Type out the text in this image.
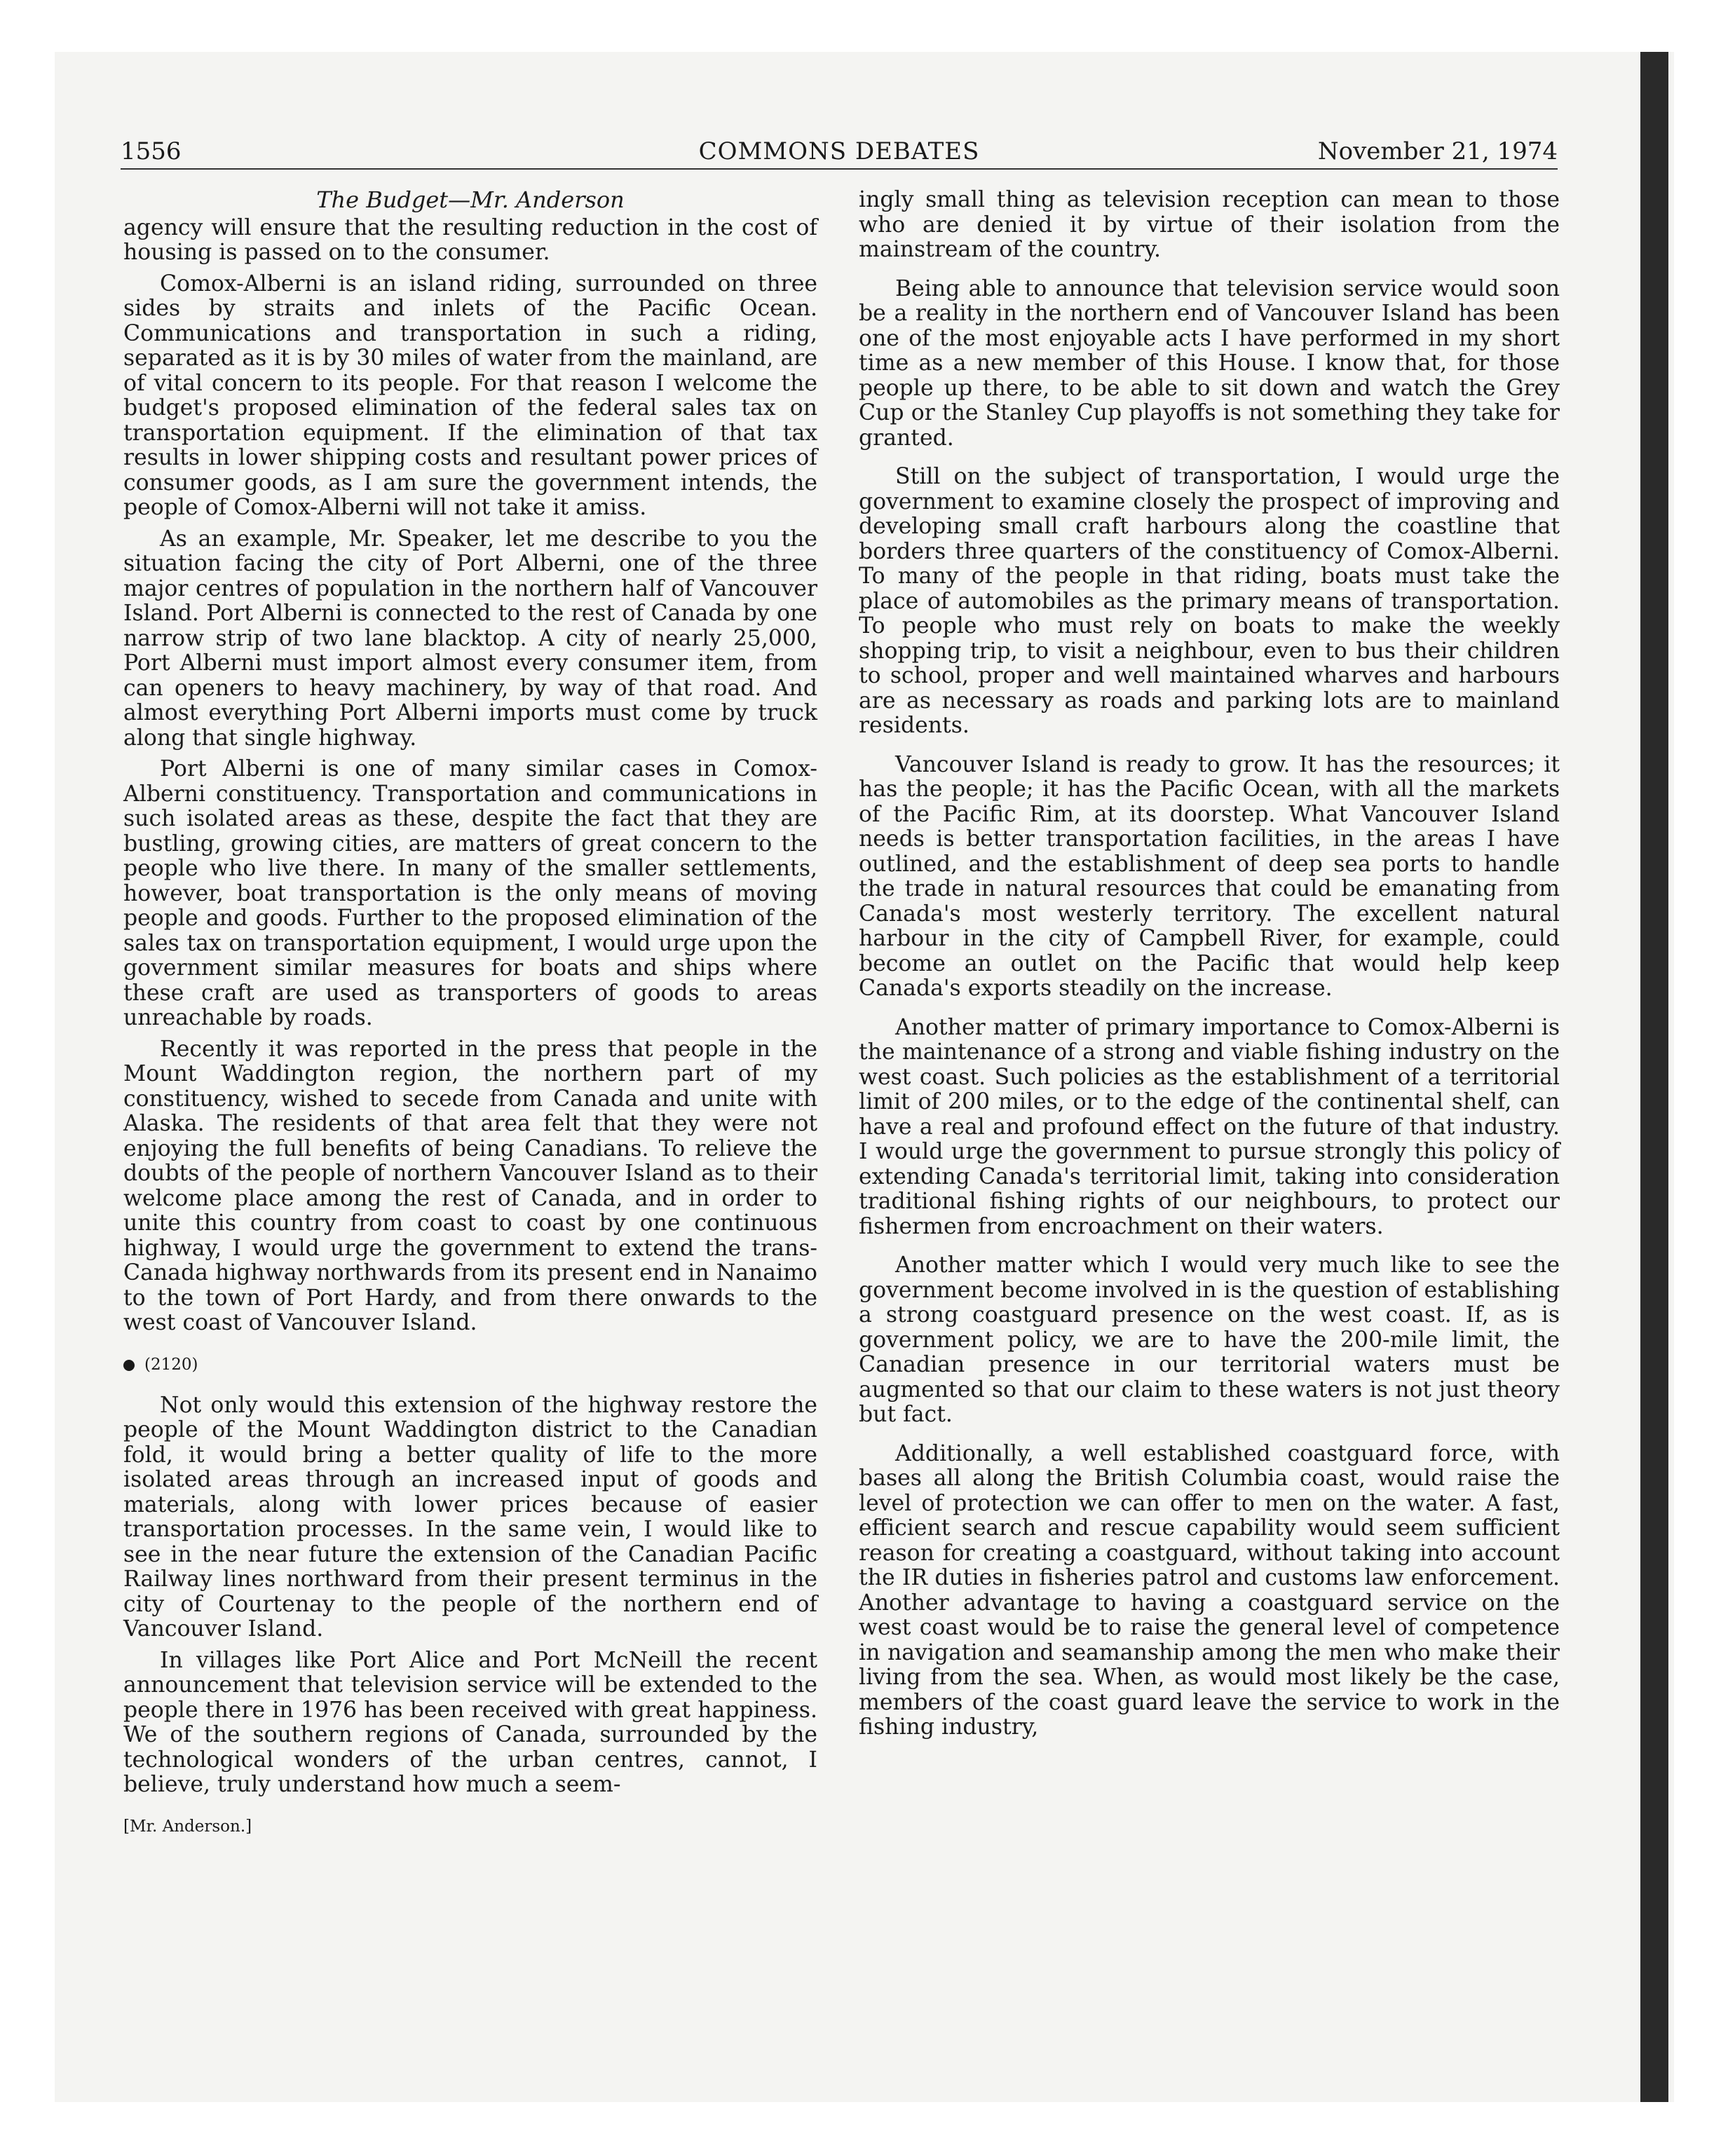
1556	COMMONS DEBATES	November 21, 1974
The Budget—Mr. Anderson

agency will ensure that the resulting reduction in the cost of housing is passed on to the consumer.

Comox-Alberni is an island riding, surrounded on three sides by straits and inlets of the Pacific Ocean. Communications and transportation in such a riding, separated as it is by 30 miles of water from the mainland, are of vital concern to its people. For that reason I welcome the budget's proposed elimination of the federal sales tax on transportation equipment. If the elimination of that tax results in lower shipping costs and resultant power prices of consumer goods, as I am sure the government intends, the people of Comox-Alberni will not take it amiss.

As an example, Mr. Speaker, let me describe to you the situation facing the city of Port Alberni, one of the three major centres of population in the northern half of Vancouver Island. Port Alberni is connected to the rest of Canada by one narrow strip of two lane blacktop. A city of nearly 25,000, Port Alberni must import almost every consumer item, from can openers to heavy machinery, by way of that road. And almost everything Port Alberni imports must come by truck along that single highway.

Port Alberni is one of many similar cases in Comox-Alberni constituency. Transportation and communications in such isolated areas as these, despite the fact that they are bustling, growing cities, are matters of great concern to the people who live there. In many of the smaller settlements, however, boat transportation is the only means of moving people and goods. Further to the proposed elimination of the sales tax on transportation equipment, I would urge upon the government similar measures for boats and ships where these craft are used as transporters of goods to areas unreachable by roads.

Recently it was reported in the press that people in the Mount Waddington region, the northern part of my constituency, wished to secede from Canada and unite with Alaska. The residents of that area felt that they were not enjoying the full benefits of being Canadians. To relieve the doubts of the people of northern Vancouver Island as to their welcome place among the rest of Canada, and in order to unite this country from coast to coast by one continuous highway, I would urge the government to extend the trans-Canada highway northwards from its present end in Nanaimo to the town of Port Hardy, and from there onwards to the west coast of Vancouver Island.

(2120)

Not only would this extension of the highway restore the people of the Mount Waddington district to the Canadian fold, it would bring a better quality of life to the more isolated areas through an increased input of goods and materials, along with lower prices because of easier transportation processes. In the same vein, I would like to see in the near future the extension of the Canadian Pacific Railway lines northward from their present terminus in the city of Courtenay to the people of the northern end of Vancouver Island.

In villages like Port Alice and Port McNeill the recent announcement that television service will be extended to the people there in 1976 has been received with great happiness. We of the southern regions of Canada, surrounded by the technological wonders of the urban centres, cannot, I believe, truly understand how much a seem-

[Mr. Anderson.]

ingly small thing as television reception can mean to those who are denied it by virtue of their isolation from the mainstream of the country.

Being able to announce that television service would soon be a reality in the northern end of Vancouver Island has been one of the most enjoyable acts I have performed in my short time as a new member of this House. I know that, for those people up there, to be able to sit down and watch the Grey Cup or the Stanley Cup playoffs is not something they take for granted.

Still on the subject of transportation, I would urge the government to examine closely the prospect of improving and developing small craft harbours along the coastline that borders three quarters of the constituency of Comox-Alberni. To many of the people in that riding, boats must take the place of automobiles as the primary means of transportation. To people who must rely on boats to make the weekly shopping trip, to visit a neighbour, even to bus their children to school, proper and well maintained wharves and harbours are as necessary as roads and parking lots are to mainland residents.

Vancouver Island is ready to grow. It has the resources; it has the people; it has the Pacific Ocean, with all the markets of the Pacific Rim, at its doorstep. What Vancouver Island needs is better transportation facilities, in the areas I have outlined, and the establishment of deep sea ports to handle the trade in natural resources that could be emanating from Canada's most westerly territory. The excellent natural harbour in the city of Campbell River, for example, could become an outlet on the Pacific that would help keep Canada's exports steadily on the increase.

Another matter of primary importance to Comox-Alberni is the maintenance of a strong and viable fishing industry on the west coast. Such policies as the establishment of a territorial limit of 200 miles, or to the edge of the continental shelf, can have a real and profound effect on the future of that industry. I would urge the government to pursue strongly this policy of extending Canada's territorial limit, taking into consideration traditional fishing rights of our neighbours, to protect our fishermen from encroachment on their waters.

Another matter which I would very much like to see the government become involved in is the question of establishing a strong coastguard presence on the west coast. If, as is government policy, we are to have the 200-mile limit, the Canadian presence in our territorial waters must be augmented so that our claim to these waters is not just theory but fact.

Additionally, a well established coastguard force, with bases all along the British Columbia coast, would raise the level of protection we can offer to men on the water. A fast, efficient search and rescue capability would seem sufficient reason for creating a coastguard, without taking into account the IR duties in fisheries patrol and customs law enforcement. Another advantage to having a coastguard service on the west coast would be to raise the general level of competence in navigation and seamanship among the men who make their living from the sea. When, as would most likely be the case, members of the coast guard leave the service to work in the fishing industry,
